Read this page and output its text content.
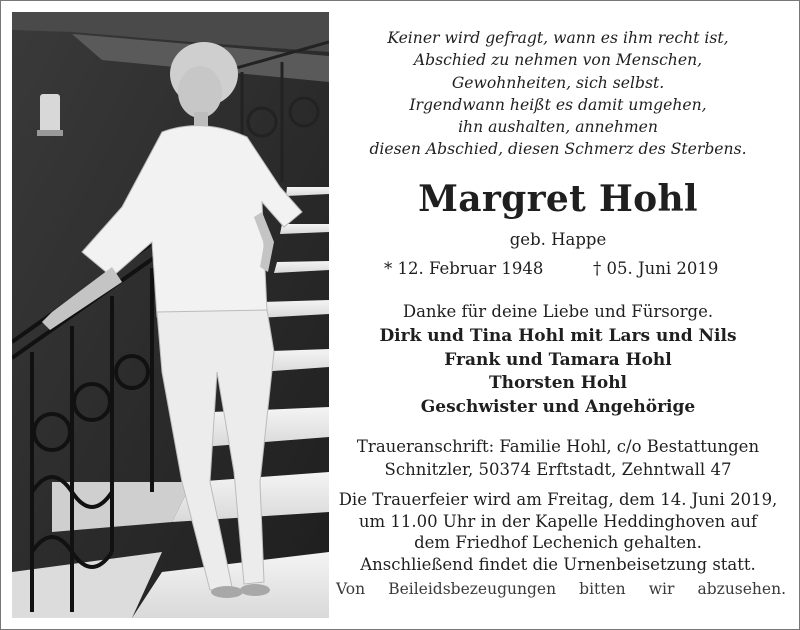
Keiner wird gefragt, wann es ihm recht ist,
Abschied zu nehmen von Menschen,
Gewohnheiten, sich selbst.
Irgendwann heißt es damit umgehen,
ihn aushalten, annehmen
diesen Abschied, diesen Schmerz des Sterbens.
Margret Hohl
geb. Happe
* 12. Februar 1948	† 05. Juni 2019
Danke für deine Liebe und Fürsorge.
Dirk und Tina Hohl mit Lars und Nils
Frank und Tamara Hohl
Thorsten Hohl
Geschwister und Angehörige
Traueranschrift: Familie Hohl, c/o Bestattungen
Schnitzler, 50374 Erftstadt, Zehntwall 47
Die Trauerfeier wird am Freitag, dem 14. Juni 2019,
um 11.00 Uhr in der Kapelle Heddinghoven auf
dem Friedhof Lechenich gehalten.
Anschließend findet die Urnenbeisetzung statt.
Von Beileidsbezeugungen bitten wir abzusehen.
